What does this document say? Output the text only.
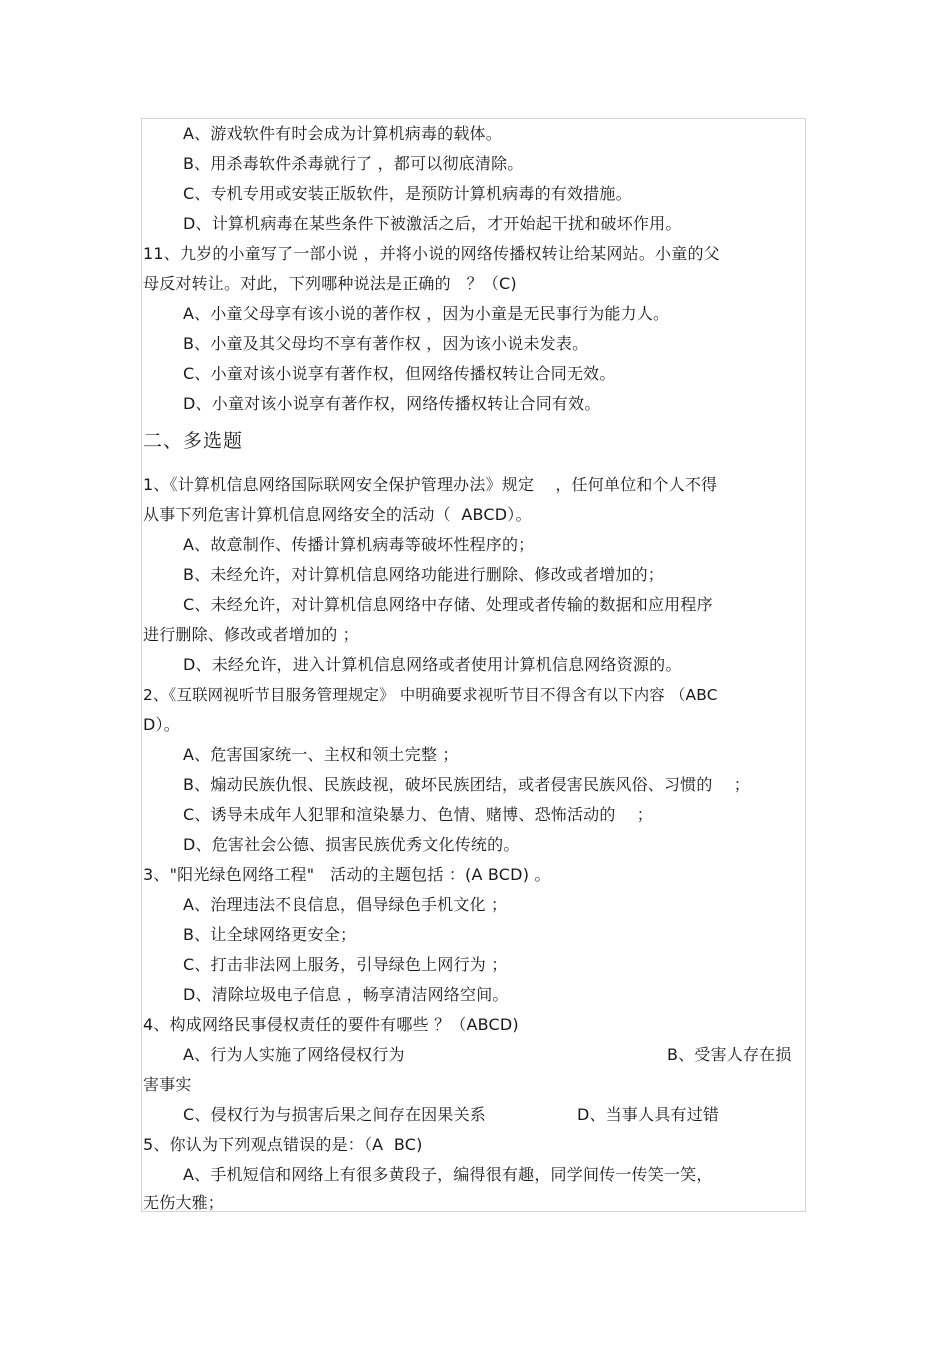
A、游戏软件有时会成为计算机病毒的载体。
B、用杀毒软件杀毒就行了 ，都可以彻底清除。
C、专机专用或安装正版软件，是预防计算机病毒的有效措施。
D、计算机病毒在某些条件下被激活之后，才开始起干扰和破坏作用。
11、九岁的小童写了一部小说 ，并将小说的网络传播权转让给某网站。小童的父
母反对转让。对此，下列哪种说法是正确的   ？（C)
A、小童父母享有该小说的著作权 ，因为小童是无民事行为能力人。
B、小童及其父母均不享有著作权 ，因为该小说未发表。
C、小童对该小说享有著作权，但网络传播权转让合同无效。
D、小童对该小说享有著作权，网络传播权转让合同有效。
二、多选题
1、《计算机信息网络国际联网安全保护管理办法》规定    ，任何单位和个人不得
从事下列危害计算机信息网络安全的活动（  ABCD）。
A、故意制作、传播计算机病毒等破坏性程序的；
B、未经允许，对计算机信息网络功能进行删除、修改或者增加的；
C、未经允许，对计算机信息网络中存储、处理或者传输的数据和应用程序
进行删除、修改或者增加的 ；
D、未经允许，进入计算机信息网络或者使用计算机信息网络资源的。
2、《互联网视听节目服务管理规定》 中明确要求视听节目不得含有以下内容 （ABC
D）。
A、危害国家统一、主权和领土完整 ；
B、煽动民族仇恨、民族歧视，破坏民族团结，或者侵害民族风俗、习惯的    ；
C、诱导未成年人犯罪和渲染暴力、色情、赌博、恐怖活动的    ；
D、危害社会公德、损害民族优秀文化传统的。
3、"阳光绿色网络工程"   活动的主题包括 ：(A BCD) 。
A、治理违法不良信息，倡导绿色手机文化 ；
B、让全球网络更安全；
C、打击非法网上服务，引导绿色上网行为 ；
D、清除垃圾电子信息 ，畅享清洁网络空间。
4、构成网络民事侵权责任的要件有哪些 ？（ABCD)
A、行为人实施了网络侵权行为	B、受害人存在损
害事实
C、侵权行为与损害后果之间存在因果关系	D、当事人具有过错
5、你认为下列观点错误的是：（A  BC)
A、手机短信和网络上有很多黄段子，编得很有趣，同学间传一传笑一笑，
无伤大雅；
